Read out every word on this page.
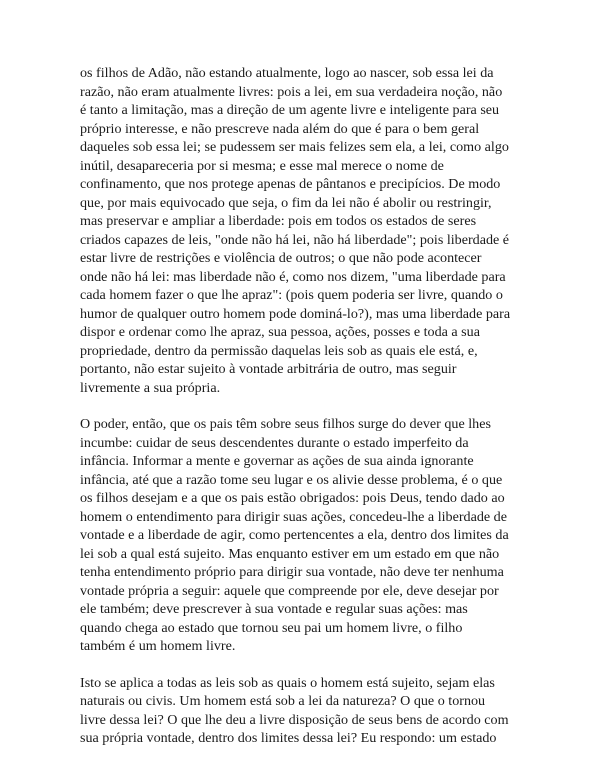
os filhos de Adão, não estando atualmente, logo ao nascer, sob essa lei da
razão, não eram atualmente livres: pois a lei, em sua verdadeira noção, não
é tanto a limitação, mas a direção de um agente livre e inteligente para seu
próprio interesse, e não prescreve nada além do que é para o bem geral
daqueles sob essa lei; se pudessem ser mais felizes sem ela, a lei, como algo
inútil, desapareceria por si mesma; e esse mal merece o nome de
confinamento, que nos protege apenas de pântanos e precipícios. De modo
que, por mais equivocado que seja, o fim da lei não é abolir ou restringir,
mas preservar e ampliar a liberdade: pois em todos os estados de seres
criados capazes de leis, "onde não há lei, não há liberdade"; pois liberdade é
estar livre de restrições e violência de outros; o que não pode acontecer
onde não há lei: mas liberdade não é, como nos dizem, "uma liberdade para
cada homem fazer o que lhe apraz": (pois quem poderia ser livre, quando o
humor de qualquer outro homem pode dominá-lo?), mas uma liberdade para
dispor e ordenar como lhe apraz, sua pessoa, ações, posses e toda a sua
propriedade, dentro da permissão daquelas leis sob as quais ele está, e,
portanto, não estar sujeito à vontade arbitrária de outro, mas seguir
livremente a sua própria.

O poder, então, que os pais têm sobre seus filhos surge do dever que lhes
incumbe: cuidar de seus descendentes durante o estado imperfeito da
infância. Informar a mente e governar as ações de sua ainda ignorante
infância, até que a razão tome seu lugar e os alivie desse problema, é o que
os filhos desejam e a que os pais estão obrigados: pois Deus, tendo dado ao
homem o entendimento para dirigir suas ações, concedeu-lhe a liberdade de
vontade e a liberdade de agir, como pertencentes a ela, dentro dos limites da
lei sob a qual está sujeito. Mas enquanto estiver em um estado em que não
tenha entendimento próprio para dirigir sua vontade, não deve ter nenhuma
vontade própria a seguir: aquele que compreende por ele, deve desejar por
ele também; deve prescrever à sua vontade e regular suas ações: mas
quando chega ao estado que tornou seu pai um homem livre, o filho
também é um homem livre.

Isto se aplica a todas as leis sob as quais o homem está sujeito, sejam elas
naturais ou civis. Um homem está sob a lei da natureza? O que o tornou
livre dessa lei? O que lhe deu a livre disposição de seus bens de acordo com
sua própria vontade, dentro dos limites dessa lei? Eu respondo: um estado
